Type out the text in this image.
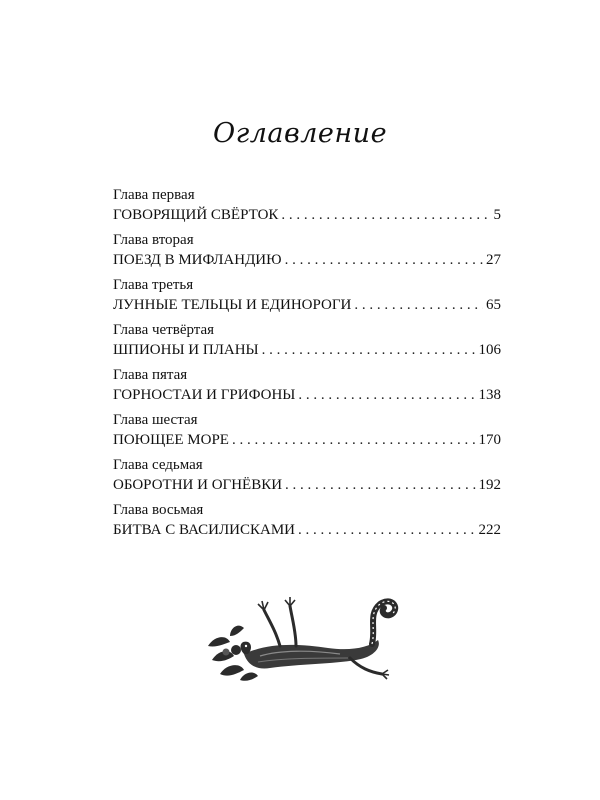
Оглавление
Глава первая
ГОВОРЯЩИЙ СВЁРТОК . . .	5
Глава вторая
ПОЕЗД В МИФЛАНДИЮ . . .	27
Глава третья
ЛУННЫЕ ТЕЛЬЦЫ И ЕДИНОРОГИ . . .	65
Глава четвёртая
ШПИОНЫ И ПЛАНЫ . . .	106
Глава пятая
ГОРНОСТАИ И ГРИФОНЫ . . .	138
Глава шестая
ПОЮЩЕЕ МОРЕ . . .	170
Глава седьмая
ОБОРОТНИ И ОГНЁВКИ . . .	192
Глава восьмая
БИТВА С ВАСИЛИСКАМИ . . .	222
